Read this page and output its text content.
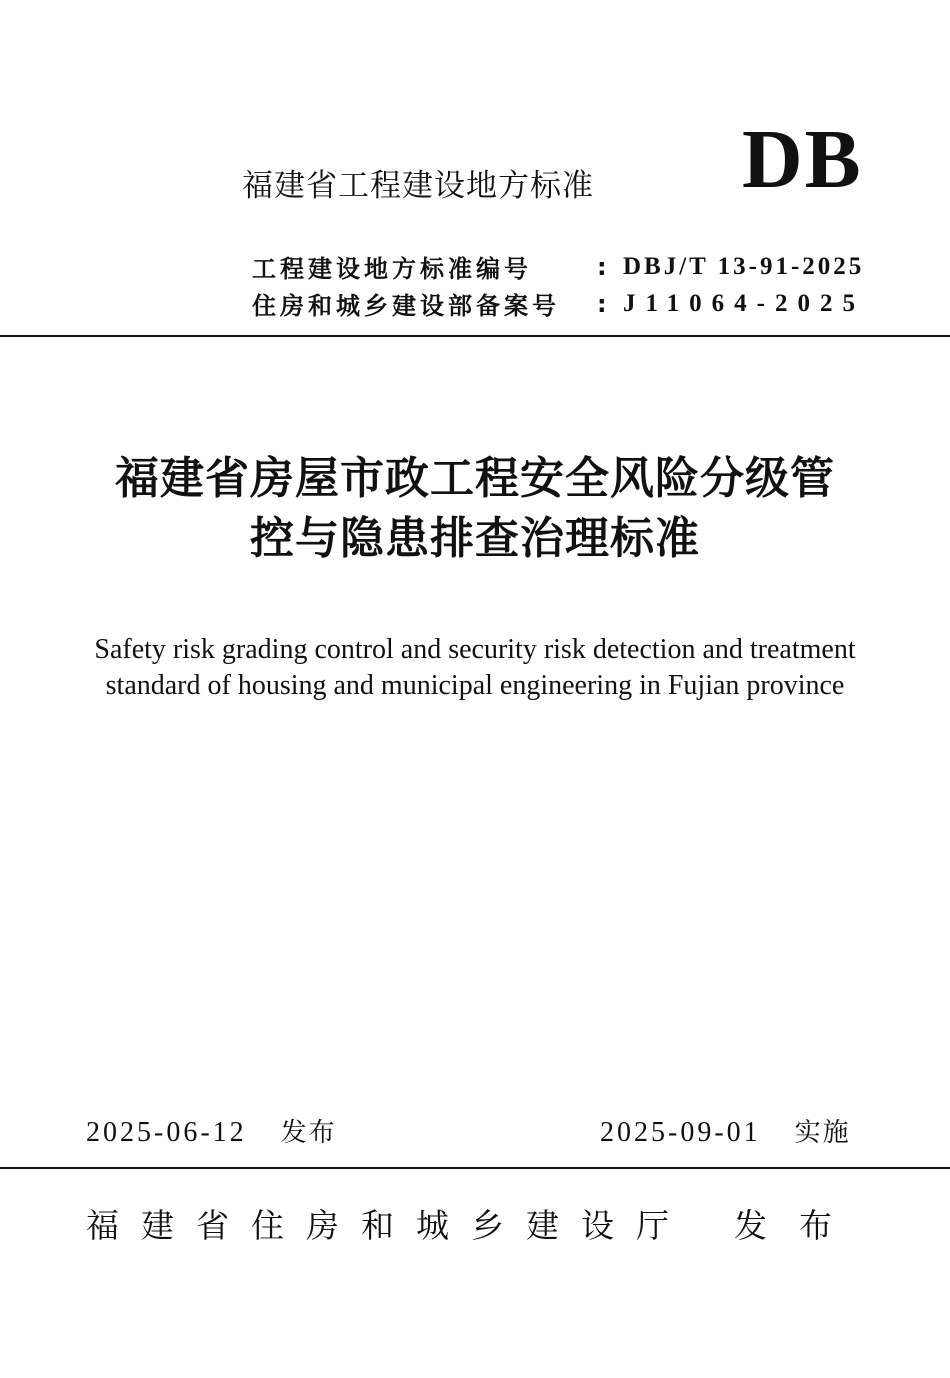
福建省工程建设地方标准 DB
工程建设地方标准编号	: DBJ/T 13-91-2025
住房和城乡建设部备案号	: J11064-2025
福建省房屋市政工程安全风险分级管
控与隐患排查治理标准
Safety risk grading control and security risk detection and treatment standard of housing and municipal engineering in Fujian province
2025-06-12 发布	2025-09-01 实施
福建省住房和城乡建设厅 发布
